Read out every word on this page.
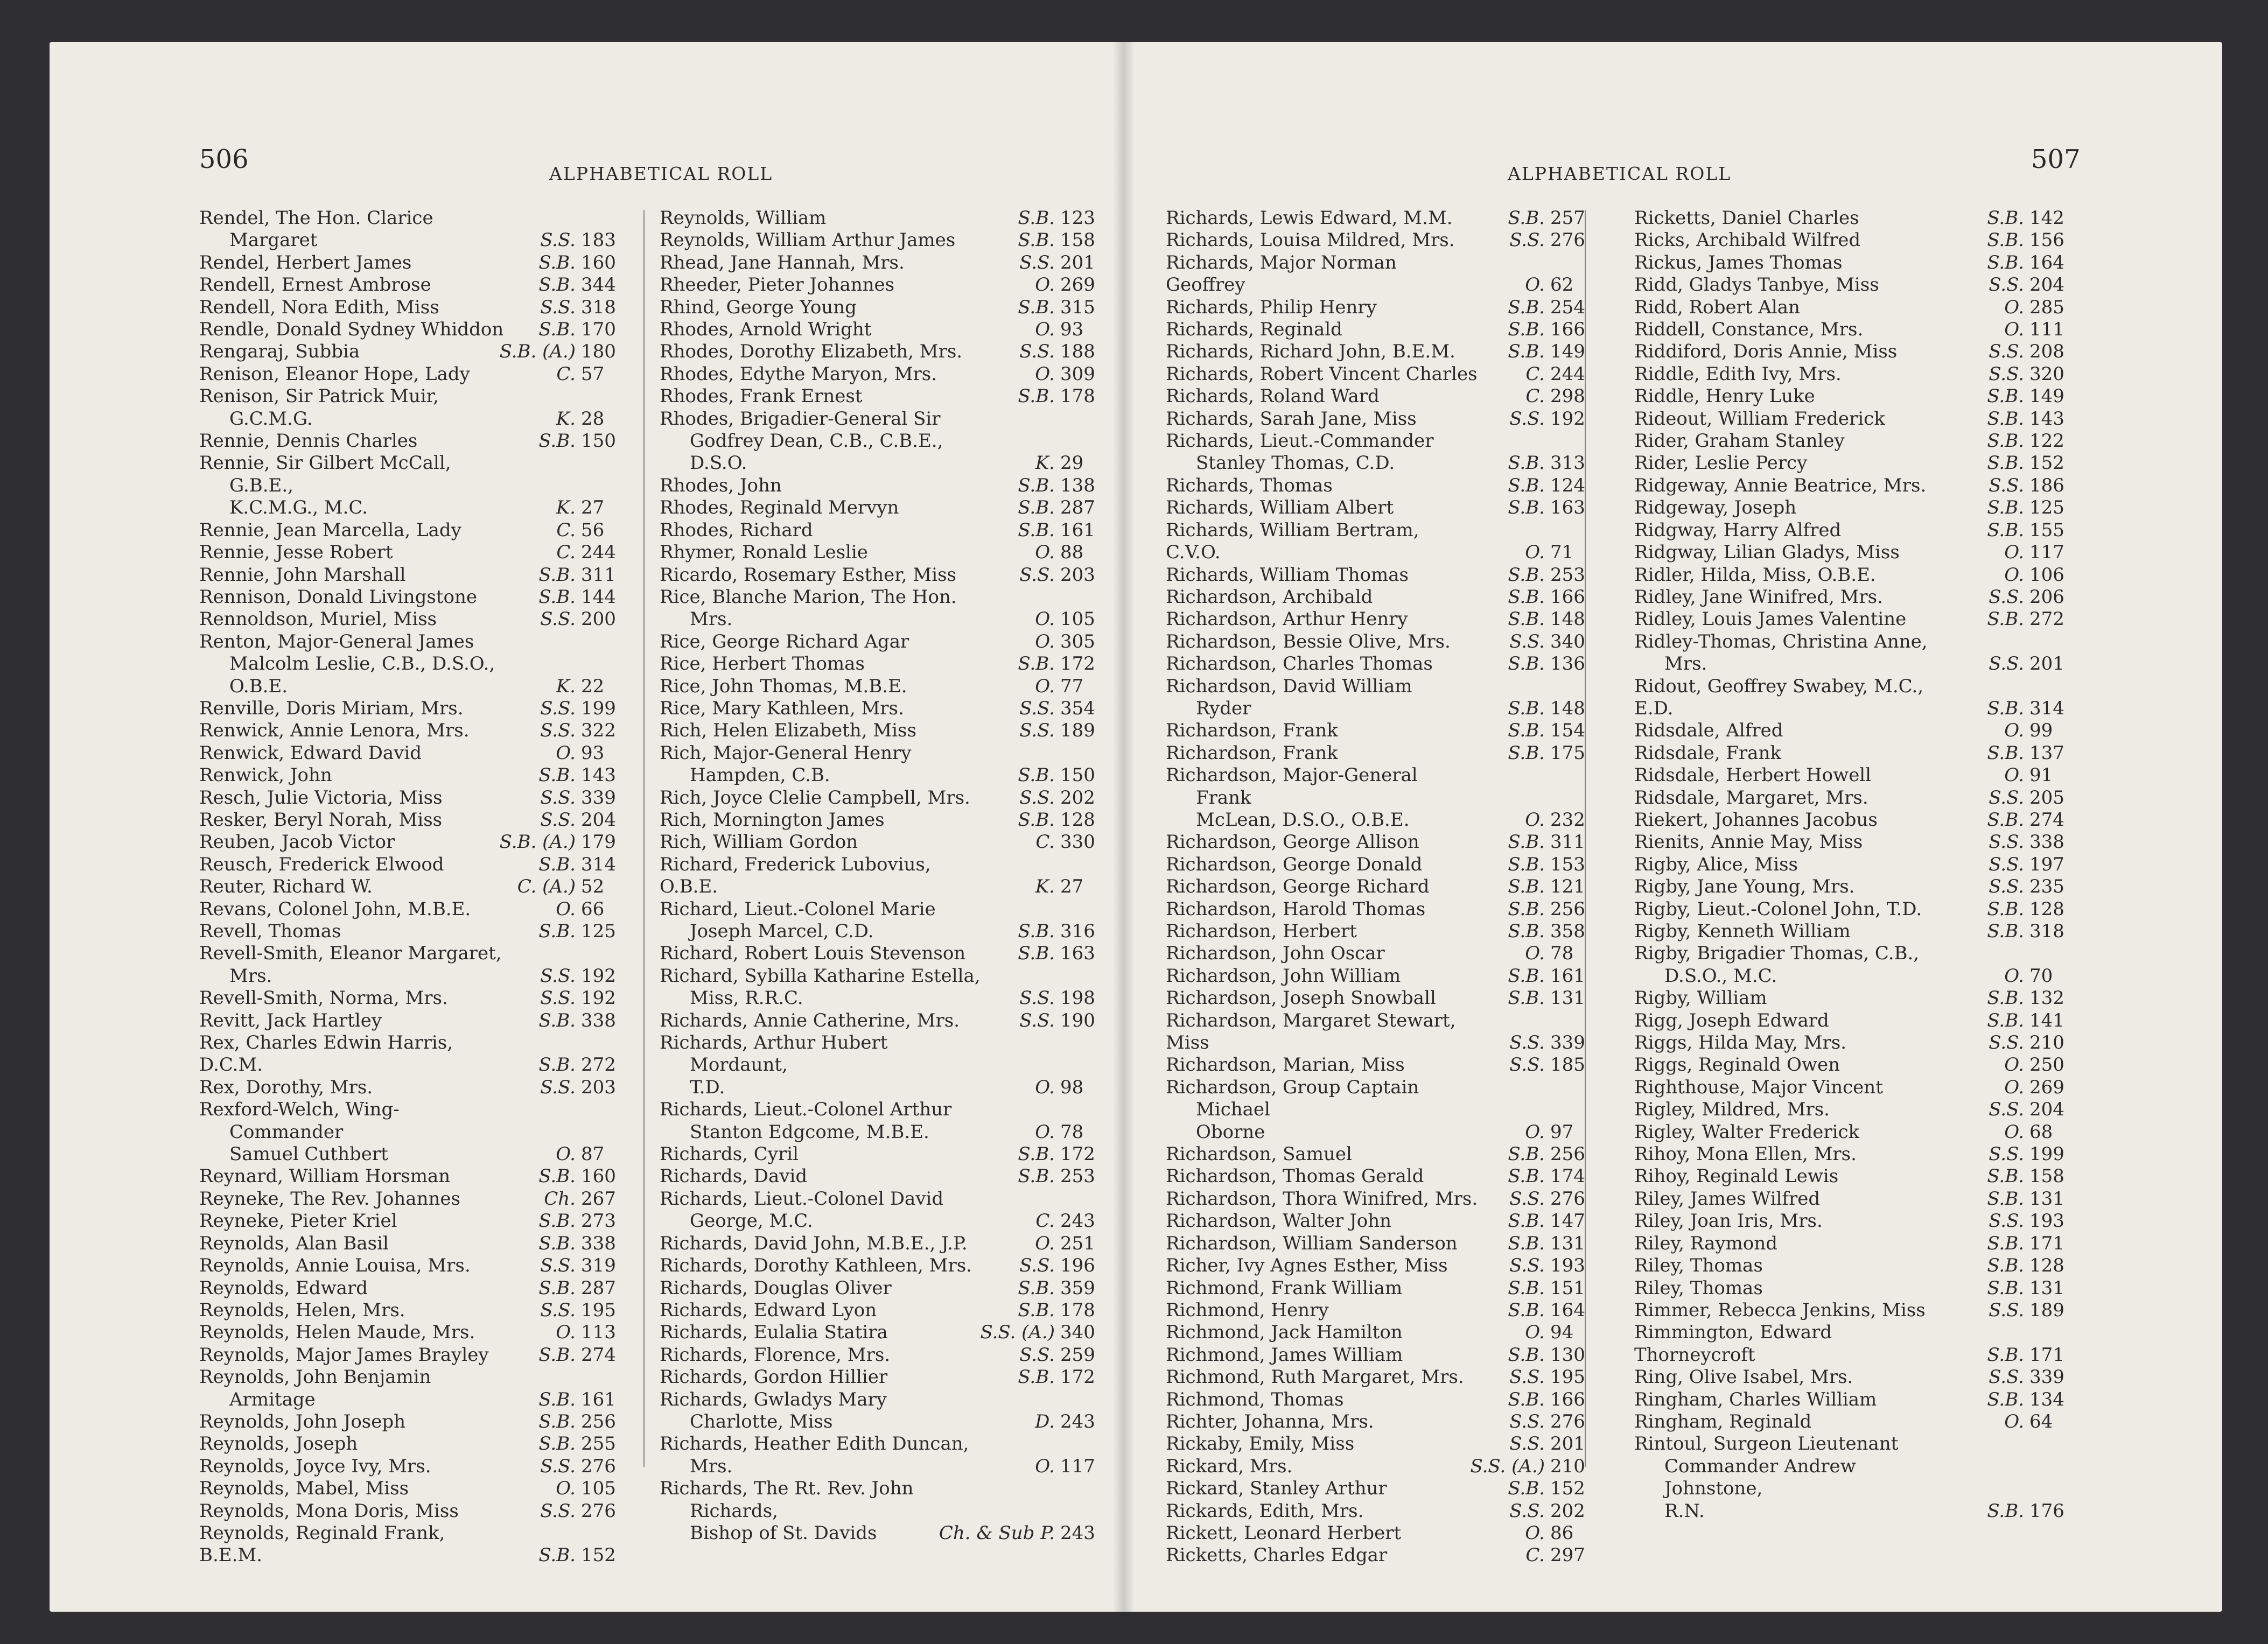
506	ALPHABETICAL ROLL	ALPHABETICAL ROLL	507
Rendel, The Hon. Clarice
Margaret	S.S. 183
Rendel, Herbert James	S.B. 160
Rendell, Ernest Ambrose	S.B. 344
Rendell, Nora Edith, Miss	S.S. 318
Rendle, Donald Sydney Whiddon	S.B. 170
Rengaraj, Subbia	S.B. (A.) 180
Renison, Eleanor Hope, Lady	C. 57
Renison, Sir Patrick Muir,
G.C.M.G.	K. 28
Rennie, Dennis Charles	S.B. 150
Rennie, Sir Gilbert McCall, G.B.E.,
K.C.M.G., M.C.	K. 27
Rennie, Jean Marcella, Lady	C. 56
Rennie, Jesse Robert	C. 244
Rennie, John Marshall	S.B. 311
Rennison, Donald Livingstone	S.B. 144
Rennoldson, Muriel, Miss	S.S. 200
Renton, Major-General James
Malcolm Leslie, C.B., D.S.O., O.B.E.	K. 22
Renville, Doris Miriam, Mrs.	S.S. 199
Renwick, Annie Lenora, Mrs.	S.S. 322
Renwick, Edward David	O. 93
Renwick, John	S.B. 143
Resch, Julie Victoria, Miss	S.S. 339
Resker, Beryl Norah, Miss	S.S. 204
Reuben, Jacob Victor	S.B. (A.) 179
Reusch, Frederick Elwood	S.B. 314
Reuter, Richard W.	C. (A.) 52
Revans, Colonel John, M.B.E.	O. 66
Revell, Thomas	S.B. 125
Revell-Smith, Eleanor Margaret,
Mrs.	S.S. 192
Revell-Smith, Norma, Mrs.	S.S. 192
Revitt, Jack Hartley	S.B. 338
Rex, Charles Edwin Harris, D.C.M.	S.B. 272
Rex, Dorothy, Mrs.	S.S. 203
Rexford-Welch, Wing-Commander
Samuel Cuthbert	O. 87
Reynard, William Horsman	S.B. 160
Reyneke, The Rev. Johannes	Ch. 267
Reyneke, Pieter Kriel	S.B. 273
Reynolds, Alan Basil	S.B. 338
Reynolds, Annie Louisa, Mrs.	S.S. 319
Reynolds, Edward	S.B. 287
Reynolds, Helen, Mrs.	S.S. 195
Reynolds, Helen Maude, Mrs.	O. 113
Reynolds, Major James Brayley	S.B. 274
Reynolds, John Benjamin
Armitage	S.B. 161
Reynolds, John Joseph	S.B. 256
Reynolds, Joseph	S.B. 255
Reynolds, Joyce Ivy, Mrs.	S.S. 276
Reynolds, Mabel, Miss	O. 105
Reynolds, Mona Doris, Miss	S.S. 276
Reynolds, Reginald Frank, B.E.M.	S.B. 152
Reynolds, William	S.B. 123
Reynolds, William Arthur James	S.B. 158
Rhead, Jane Hannah, Mrs.	S.S. 201
Rheeder, Pieter Johannes	O. 269
Rhind, George Young	S.B. 315
Rhodes, Arnold Wright	O. 93
Rhodes, Dorothy Elizabeth, Mrs.	S.S. 188
Rhodes, Edythe Maryon, Mrs.	O. 309
Rhodes, Frank Ernest	S.B. 178
Rhodes, Brigadier-General Sir
Godfrey Dean, C.B., C.B.E., D.S.O.	K. 29
Rhodes, John	S.B. 138
Rhodes, Reginald Mervyn	S.B. 287
Rhodes, Richard	S.B. 161
Rhymer, Ronald Leslie	O. 88
Ricardo, Rosemary Esther, Miss	S.S. 203
Rice, Blanche Marion, The Hon.
Mrs.	O. 105
Rice, George Richard Agar	O. 305
Rice, Herbert Thomas	S.B. 172
Rice, John Thomas, M.B.E.	O. 77
Rice, Mary Kathleen, Mrs.	S.S. 354
Rich, Helen Elizabeth, Miss	S.S. 189
Rich, Major-General Henry
Hampden, C.B.	S.B. 150
Rich, Joyce Clelie Campbell, Mrs.	S.S. 202
Rich, Mornington James	S.B. 128
Rich, William Gordon	C. 330
Richard, Frederick Lubovius, O.B.E.	K. 27
Richard, Lieut.-Colonel Marie
Joseph Marcel, C.D.	S.B. 316
Richard, Robert Louis Stevenson	S.B. 163
Richard, Sybilla Katharine Estella,
Miss, R.R.C.	S.S. 198
Richards, Annie Catherine, Mrs.	S.S. 190
Richards, Arthur Hubert Mordaunt,
T.D.	O. 98
Richards, Lieut.-Colonel Arthur
Stanton Edgcome, M.B.E.	O. 78
Richards, Cyril	S.B. 172
Richards, David	S.B. 253
Richards, Lieut.-Colonel David
George, M.C.	C. 243
Richards, David John, M.B.E., J.P.	O. 251
Richards, Dorothy Kathleen, Mrs.	S.S. 196
Richards, Douglas Oliver	S.B. 359
Richards, Edward Lyon	S.B. 178
Richards, Eulalia Statira	S.S. (A.) 340
Richards, Florence, Mrs.	S.S. 259
Richards, Gordon Hillier	S.B. 172
Richards, Gwladys Mary
Charlotte, Miss	D. 243
Richards, Heather Edith Duncan,
Mrs.	O. 117
Richards, The Rt. Rev. John Richards,
Bishop of St. Davids	Ch. & Sub P. 243
Richards, Lewis Edward, M.M.	S.B. 257
Richards, Louisa Mildred, Mrs.	S.S. 276
Richards, Major Norman Geoffrey	O. 62
Richards, Philip Henry	S.B. 254
Richards, Reginald	S.B. 166
Richards, Richard John, B.E.M.	S.B. 149
Richards, Robert Vincent Charles	C. 244
Richards, Roland Ward	C. 298
Richards, Sarah Jane, Miss	S.S. 192
Richards, Lieut.-Commander
Stanley Thomas, C.D.	S.B. 313
Richards, Thomas	S.B. 124
Richards, William Albert	S.B. 163
Richards, William Bertram, C.V.O.	O. 71
Richards, William Thomas	S.B. 253
Richardson, Archibald	S.B. 166
Richardson, Arthur Henry	S.B. 148
Richardson, Bessie Olive, Mrs.	S.S. 340
Richardson, Charles Thomas	S.B. 136
Richardson, David William
Ryder	S.B. 148
Richardson, Frank	S.B. 154
Richardson, Frank	S.B. 175
Richardson, Major-General Frank
McLean, D.S.O., O.B.E.	O. 232
Richardson, George Allison	S.B. 311
Richardson, George Donald	S.B. 153
Richardson, George Richard	S.B. 121
Richardson, Harold Thomas	S.B. 256
Richardson, Herbert	S.B. 358
Richardson, John Oscar	O. 78
Richardson, John William	S.B. 161
Richardson, Joseph Snowball	S.B. 131
Richardson, Margaret Stewart, Miss	S.S. 339
Richardson, Marian, Miss	S.S. 185
Richardson, Group Captain Michael
Oborne	O. 97
Richardson, Samuel	S.B. 256
Richardson, Thomas Gerald	S.B. 174
Richardson, Thora Winifred, Mrs.	S.S. 276
Richardson, Walter John	S.B. 147
Richardson, William Sanderson	S.B. 131
Richer, Ivy Agnes Esther, Miss	S.S. 193
Richmond, Frank William	S.B. 151
Richmond, Henry	S.B. 164
Richmond, Jack Hamilton	O. 94
Richmond, James William	S.B. 130
Richmond, Ruth Margaret, Mrs.	S.S. 195
Richmond, Thomas	S.B. 166
Richter, Johanna, Mrs.	S.S. 276
Rickaby, Emily, Miss	S.S. 201
Rickard, Mrs.	S.S. (A.) 210
Rickard, Stanley Arthur	S.B. 152
Rickards, Edith, Mrs.	S.S. 202
Rickett, Leonard Herbert	O. 86
Ricketts, Charles Edgar	C. 297
Ricketts, Daniel Charles	S.B. 142
Ricks, Archibald Wilfred	S.B. 156
Rickus, James Thomas	S.B. 164
Ridd, Gladys Tanbye, Miss	S.S. 204
Ridd, Robert Alan	O. 285
Riddell, Constance, Mrs.	O. 111
Riddiford, Doris Annie, Miss	S.S. 208
Riddle, Edith Ivy, Mrs.	S.S. 320
Riddle, Henry Luke	S.B. 149
Rideout, William Frederick	S.B. 143
Rider, Graham Stanley	S.B. 122
Rider, Leslie Percy	S.B. 152
Ridgeway, Annie Beatrice, Mrs.	S.S. 186
Ridgeway, Joseph	S.B. 125
Ridgway, Harry Alfred	S.B. 155
Ridgway, Lilian Gladys, Miss	O. 117
Ridler, Hilda, Miss, O.B.E.	O. 106
Ridley, Jane Winifred, Mrs.	S.S. 206
Ridley, Louis James Valentine	S.B. 272
Ridley-Thomas, Christina Anne,
Mrs.	S.S. 201
Ridout, Geoffrey Swabey, M.C., E.D.	S.B. 314
Ridsdale, Alfred	O. 99
Ridsdale, Frank	S.B. 137
Ridsdale, Herbert Howell	O. 91
Ridsdale, Margaret, Mrs.	S.S. 205
Riekert, Johannes Jacobus	S.B. 274
Rienits, Annie May, Miss	S.S. 338
Rigby, Alice, Miss	S.S. 197
Rigby, Jane Young, Mrs.	S.S. 235
Rigby, Lieut.-Colonel John, T.D.	S.B. 128
Rigby, Kenneth William	S.B. 318
Rigby, Brigadier Thomas, C.B.,
D.S.O., M.C.	O. 70
Rigby, William	S.B. 132
Rigg, Joseph Edward	S.B. 141
Riggs, Hilda May, Mrs.	S.S. 210
Riggs, Reginald Owen	O. 250
Righthouse, Major Vincent	O. 269
Rigley, Mildred, Mrs.	S.S. 204
Rigley, Walter Frederick	O. 68
Rihoy, Mona Ellen, Mrs.	S.S. 199
Rihoy, Reginald Lewis	S.B. 158
Riley, James Wilfred	S.B. 131
Riley, Joan Iris, Mrs.	S.S. 193
Riley, Raymond	S.B. 171
Riley, Thomas	S.B. 128
Riley, Thomas	S.B. 131
Rimmer, Rebecca Jenkins, Miss	S.S. 189
Rimmington, Edward Thorneycroft	S.B. 171
Ring, Olive Isabel, Mrs.	S.S. 339
Ringham, Charles William	S.B. 134
Ringham, Reginald	O. 64
Rintoul, Surgeon Lieutenant
Commander Andrew Johnstone,
R.N.	S.B. 176
